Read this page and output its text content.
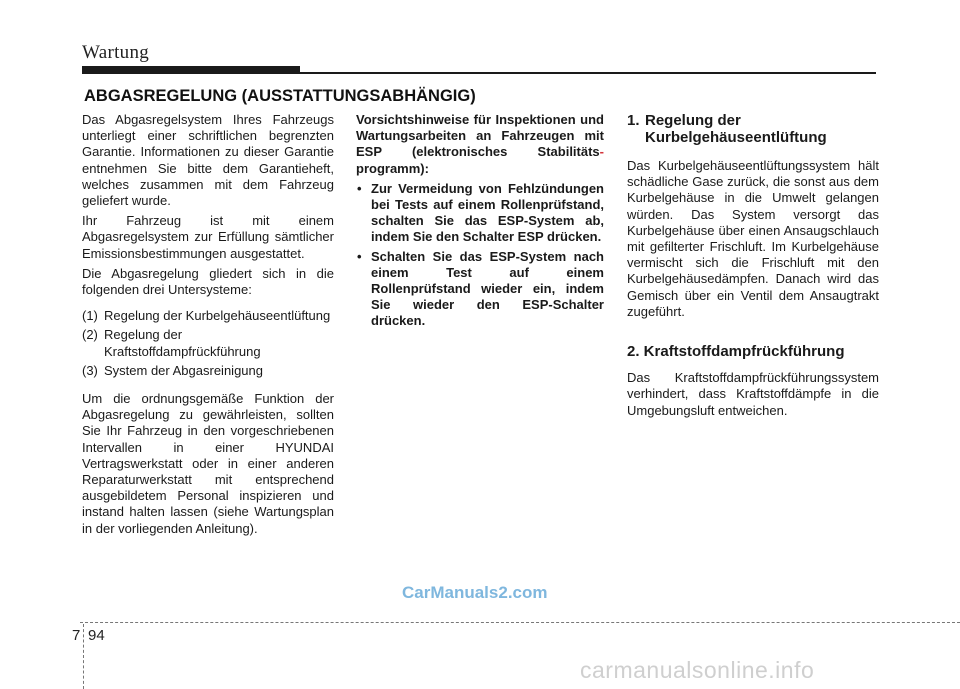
Wartung
ABGASREGELUNG (AUSSTATTUNGSABHÄNGIG)

Das Abgasregelsystem Ihres Fahrzeugs unterliegt einer schriftlichen begrenzten Garantie. Informationen zu dieser Garantie entnehmen Sie bitte dem Garantieheft, welches zusammen mit dem Fahrzeug geliefert wurde.

Ihr Fahrzeug ist mit einem Abgasregelsystem zur Erfüllung sämtlicher Emissionsbestimmungen ausgestattet.

Die Abgasregelung gliedert sich in die folgenden drei Untersysteme:

(1) Regelung der Kurbelgehäuseentlüftung
(2) Regelung der Kraftstoffdampfrückführung
(3) System der Abgasreinigung

Um die ordnungsgemäße Funktion der Abgasregelung zu gewährleisten, sollten Sie Ihr Fahrzeug in den vorgeschriebenen Intervallen in einer HYUNDAI Vertragswerkstatt oder in einer anderen Reparaturwerkstatt mit entsprechend ausgebildetem Personal inspizieren und instand halten lassen (siehe Wartungsplan in der vorliegenden Anleitung).

Vorsichtshinweise für Inspektionen und Wartungsarbeiten an Fahrzeugen mit ESP (elektronisches Stabilitäts- programm):

• Zur Vermeidung von Fehlzündungen bei Tests auf einem Rollenprüfstand, schalten Sie das ESP-System ab, indem Sie den Schalter ESP drücken.
• Schalten Sie das ESP-System nach einem Test auf einem Rollenprüfstand wieder ein, indem Sie wieder den ESP-Schalter drücken.
1. Regelung der
Kurbelgehäuseentlüftung

Das Kurbelgehäuseentlüftungssystem hält schädliche Gase zurück, die sonst aus dem Kurbelgehäuse in die Umwelt gelangen würden. Das System versorgt das Kurbelgehäuse über einen Ansaugschlauch mit gefilterter Frischluft. Im Kurbelgehäuse vermischt sich die Frischluft mit den Kurbelgehäusedämpfen. Danach wird das Gemisch über ein Ventil dem Ansaugtrakt zugeführt.

2. Kraftstoffdampfrückführung

Das Kraftstoffdampfrückführungssystem verhindert, dass Kraftstoffdämpfe in die Umgebungsluft entweichen.

CarManuals2.com
7 94
carmanualsonline.info
